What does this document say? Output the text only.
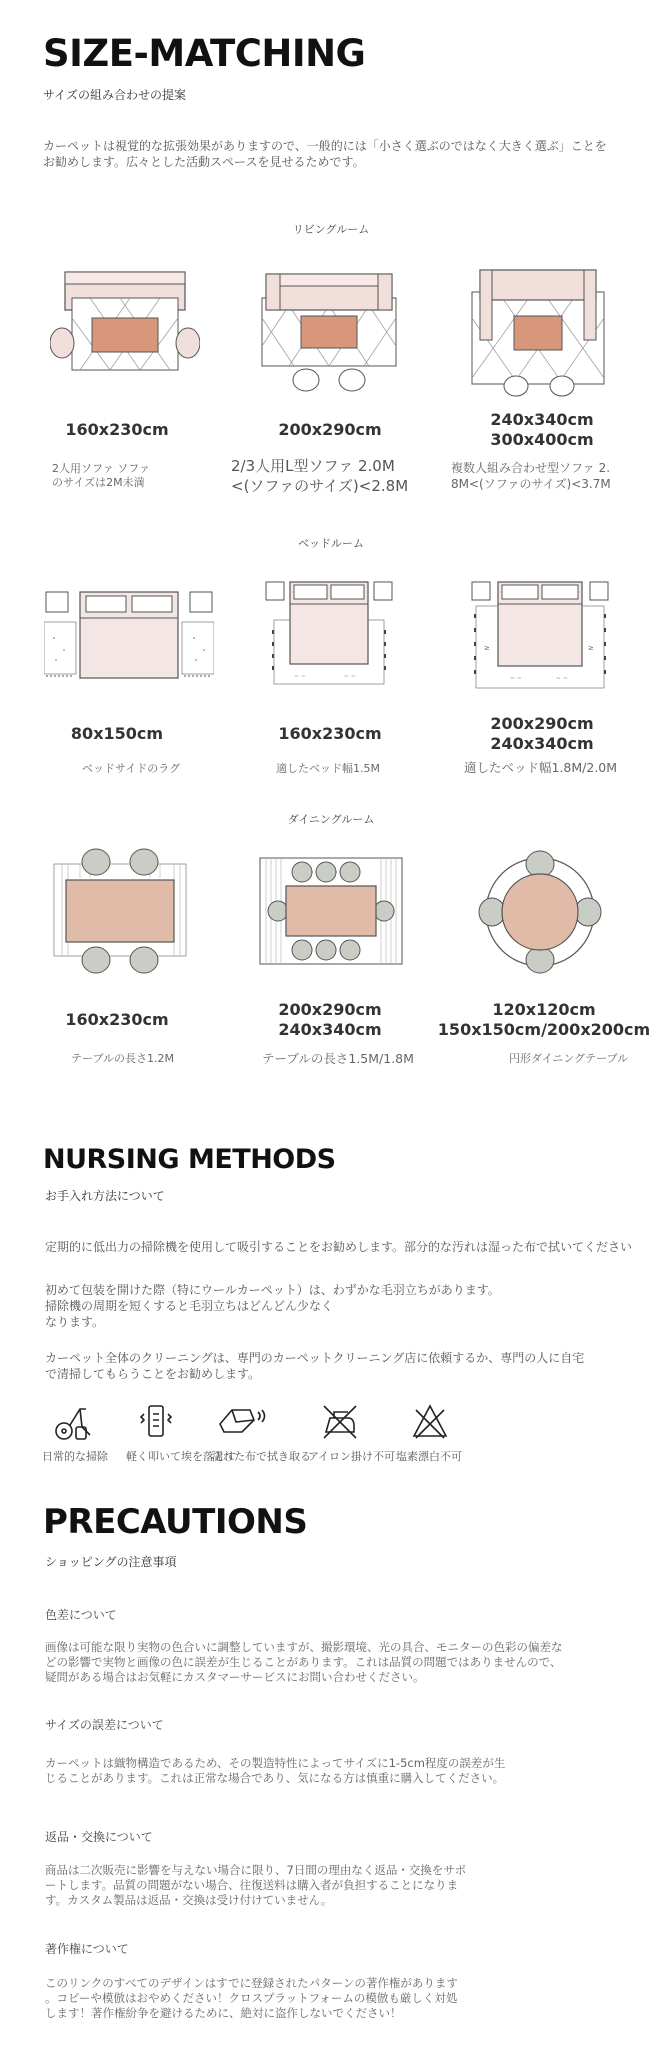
SIZE-MATCHING
サイズの組み合わせの提案
カーペットは視覚的な拡張効果がありますので、一般的には「小さく選ぶのではなく大きく選ぶ」ことを
お勧めします。広々とした活動スペースを見せるためです。
リビングルーム
160x230cm	200x290cm
240x340cm
300x400cm
2人用ソファ ソファ
のサイズは2M未満
2/3人用L型ソファ 2.0M
<(ソファのサイズ)<2.8M
複数人組み合わせ型ソファ 2.
8M<(ソファのサイズ)<3.7M
ベッドルーム
~ ~	~ ~
≥	≥
~ ~	~ ~
80x150cm	160x230cm
200x290cm
240x340cm
ベッドサイドのラグ	適したベッド幅1.5M	適したベッド幅1.8M/2.0M
ダイニングルーム
160x230cm
200x290cm
240x340cm
120x120cm
150x150cm/200x200cm
テーブルの長さ1.2M	テーブルの長さ1.5M/1.8M	円形ダイニングテーブル
NURSING METHODS
お手入れ方法について
定期的に低出力の掃除機を使用して吸引することをお勧めします。部分的な汚れは湿った布で拭いてください
初めて包装を開けた際（特にウールカーペット）は、わずかな毛羽立ちがあります。
掃除機の周期を短くすると毛羽立ちはどんどん少なく
なります。
カーペット全体のクリーニングは、専門のカーペットクリーニング店に依頼するか、専門の人に自宅
で清掃してもらうことをお勧めします。
日常的な掃除 軽く叩いて埃を落とす
濡れた布で拭き取る
アイロン掛け不可 塩素漂白不可
PRECAUTIONS
ショッピングの注意事項
色差について
画像は可能な限り実物の色合いに調整していますが、撮影環境、光の具合、モニターの色彩の偏差な
どの影響で実物と画像の色に誤差が生じることがあります。これは品質の問題ではありませんので、
疑問がある場合はお気軽にカスタマーサービスにお問い合わせください。
サイズの誤差について
カーペットは織物構造であるため、その製造特性によってサイズに1-5cm程度の誤差が生
じることがあります。これは正常な場合であり、気になる方は慎重に購入してください。
返品・交換について
商品は二次販売に影響を与えない場合に限り、7日間の理由なく返品・交換をサポ
ートします。品質の問題がない場合、往復送料は購入者が負担することになりま
す。カスタム製品は返品・交換は受け付けていません。
著作権について
このリンクのすべてのデザインはすでに登録されたパターンの著作権があります
。コピーや模倣はおやめください！クロスプラットフォームの模倣も厳しく対処
します！著作権紛争を避けるために、絶対に盗作しないでください！
